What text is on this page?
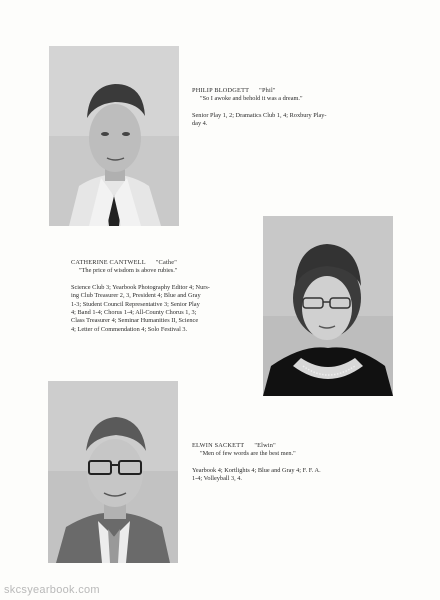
PHILIP BLODGETT "Phil"
"So I awoke and behold it was a dream."
Senior Play 1, 2; Dramatics Club 1, 4; Roxbury Play-
day 4.
CATHERINE CANTWELL "Cathe"
"The price of wisdom is above rubies."
Science Club 3; Yearbook Photography Editor 4; Nurs-
ing Club Treasurer 2, 3, President 4; Blue and Gray
1-3; Student Council Representative 3; Senior Play
4; Band 1-4; Chorus 1-4; All-County Chorus 1, 3;
Class Treasurer 4; Seminar Humanities II, Science
4; Letter of Commendation 4; Solo Festival 3.
ELWIN SACKETT "Elwin"
"Men of few words are the best men."
Yearbook 4; Kortlights 4; Blue and Gray 4; F. F. A.
1-4; Volleyball 3, 4.
skcsyearbook.com
